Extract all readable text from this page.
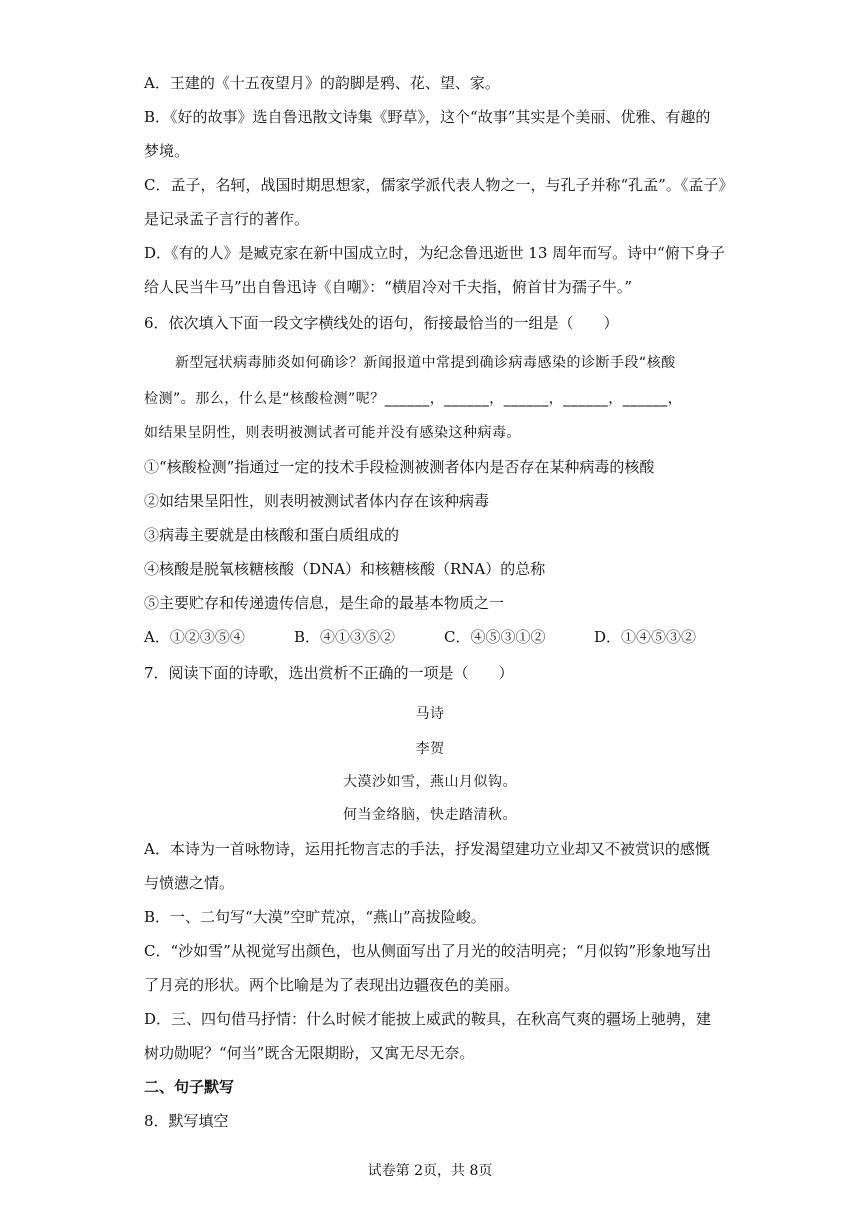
A．王建的《十五夜望月》的韵脚是鸦、花、望、家。
B．《好的故事》选自鲁迅散文诗集《野草》，这个“故事”其实是个美丽、优雅、有趣的
梦境。
C．孟子，名轲，战国时期思想家，儒家学派代表人物之一，与孔子并称“孔孟”。《孟子》
是记录孟子言行的著作。
D．《有的人》是臧克家在新中国成立时，为纪念鲁迅逝世 13 周年而写。诗中“俯下身子
给人民当牛马”出自鲁迅诗《自嘲》：“横眉冷对千夫指，俯首甘为孺子牛。”
6．依次填入下面一段文字横线处的语句，衔接最恰当的一组是（　　）
新型冠状病毒肺炎如何确诊？新闻报道中常提到确诊病毒感染的诊断手段“核酸
检测”。那么，什么是“核酸检测”呢？______，______，______，______，______，
如结果呈阴性，则表明被测试者可能并没有感染这种病毒。
①“核酸检测”指通过一定的技术手段检测被测者体内是否存在某种病毒的核酸
②如结果呈阳性，则表明被测试者体内存在该种病毒
③病毒主要就是由核酸和蛋白质组成的
④核酸是脱氧核糖核酸（DNA）和核糖核酸（RNA）的总称
⑤主要贮存和传递遗传信息，是生命的最基本物质之一
A．①②③⑤④	B．④①③⑤②	C．④⑤③①②	D．①④⑤③②
7．阅读下面的诗歌，选出赏析不正确的一项是（　　）
马诗
李贺
大漠沙如雪，燕山月似钩。
何当金络脑，快走踏清秋。
A．本诗为一首咏物诗，运用托物言志的手法，抒发渴望建功立业却又不被赏识的感慨
与愤懑之情。
B．一、二句写“大漠”空旷荒凉，“燕山”高拔险峻。
C．“沙如雪”从视觉写出颜色，也从侧面写出了月光的皎洁明亮；“月似钩”形象地写出
了月亮的形状。两个比喻是为了表现出边疆夜色的美丽。
D．三、四句借马抒情：什么时候才能披上威武的鞍具，在秋高气爽的疆场上驰骋，建
树功勋呢？“何当”既含无限期盼，又寓无尽无奈。
二、句子默写
8．默写填空
试卷第 2页，共 8页
